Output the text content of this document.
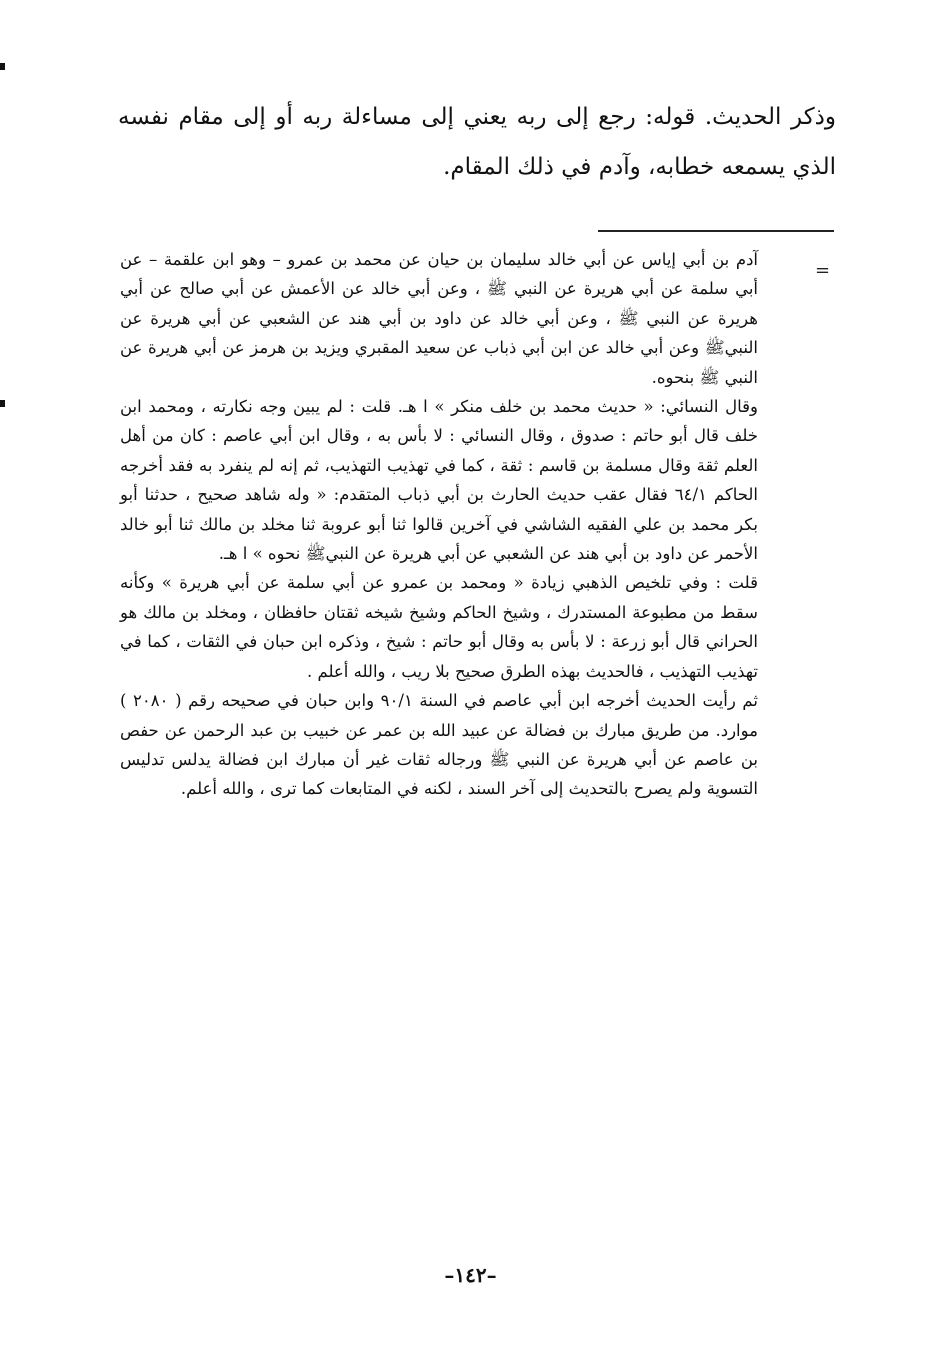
وذكر الحديث. قوله: رجع إلى ربه يعني إلى مساءلة ربه أو إلى مقام نفسه الذي يسمعه خطابه، وآدم في ذلك المقام.
=

آدم بن أبي إياس عن أبي خالد سليمان بن حيان عن محمد بن عمرو – وهو ابن علقمة – عن أبي سلمة عن أبي هريرة عن النبي ﷺ ، وعن أبي خالد عن الأعمش عن أبي صالح عن أبي هريرة عن النبي ﷺ ، وعن أبي خالد عن داود بن أبي هند عن الشعبي عن أبي هريرة عن النبيﷺ وعن أبي خالد عن ابن أبي ذباب عن سعيد المقبري ويزيد بن هرمز عن أبي هريرة عن النبي ﷺ بنحوه.

وقال النسائي: « حديث محمد بن خلف منكر » ا هـ. قلت : لم يبين وجه نكارته ، ومحمد ابن خلف قال أبو حاتم : صدوق ، وقال النسائي : لا بأس به ، وقال ابن أبي عاصم : كان من أهل العلم ثقة وقال مسلمة بن قاسم : ثقة ، كما في تهذيب التهذيب، ثم إنه لم ينفرد به فقد أخرجه الحاكم ٦٤/١ فقال عقب حديث الحارث بن أبي ذباب المتقدم: « وله شاهد صحيح ، حدثنا أبو بكر محمد بن علي الفقيه الشاشي في آخرين قالوا ثنا أبو عروبة ثنا مخلد بن مالك ثنا أبو خالد الأحمر عن داود بن أبي هند عن الشعبي عن أبي هريرة عن النبيﷺ نحوه » ا هـ.

قلت : وفي تلخيص الذهبي زيادة « ومحمد بن عمرو عن أبي سلمة عن أبي هريرة » وكأنه سقط من مطبوعة المستدرك ، وشيخ الحاكم وشيخ شيخه ثقتان حافظان ، ومخلد بن مالك هو الحراني قال أبو زرعة : لا بأس به وقال أبو حاتم : شيخ ، وذكره ابن حبان في الثقات ، كما في تهذيب التهذيب ، فالحديث بهذه الطرق صحيح بلا ريب ، والله أعلم .

ثم رأيت الحديث أخرجه ابن أبي عاصم في السنة ٩٠/١ وابن حبان في صحيحه رقم ( ٢٠٨٠ ) موارد. من طريق مبارك بن فضالة عن عبيد الله بن عمر عن خبيب بن عبد الرحمن عن حفص بن عاصم عن أبي هريرة عن النبي ﷺ ورجاله ثقات غير أن مبارك ابن فضالة يدلس تدليس التسوية ولم يصرح بالتحديث إلى آخر السند ، لكنه في المتابعات كما ترى ، والله أعلم.

–١٤٢–
